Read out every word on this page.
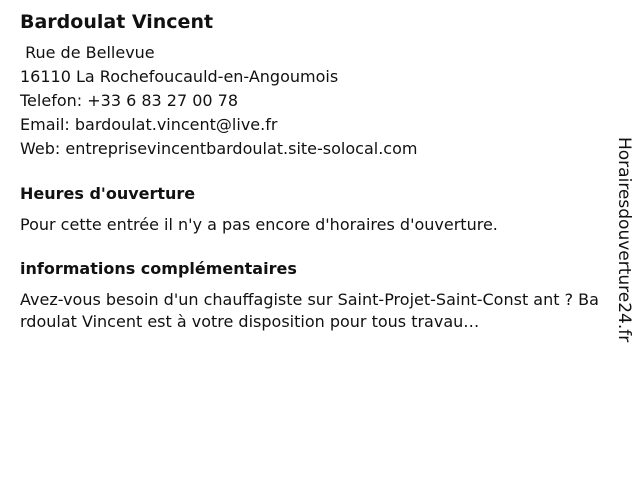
Bardoulat Vincent
Rue de Bellevue
16110 La Rochefoucauld-en-Angoumois
Telefon: +33 6 83 27 00 78
Email: bardoulat.vincent@live.fr
Web: entreprisevincentbardoulat.site-solocal.com
Heures d'ouverture
Pour cette entrée il n'y a pas encore d'horaires d'ouverture.
informations complémentaires
Avez-vous besoin d'un chauffagiste sur Saint-Projet-Saint-Const ant ? Bardoulat Vincent est à votre disposition pour tous travau…	Horairesdouverture24.fr
